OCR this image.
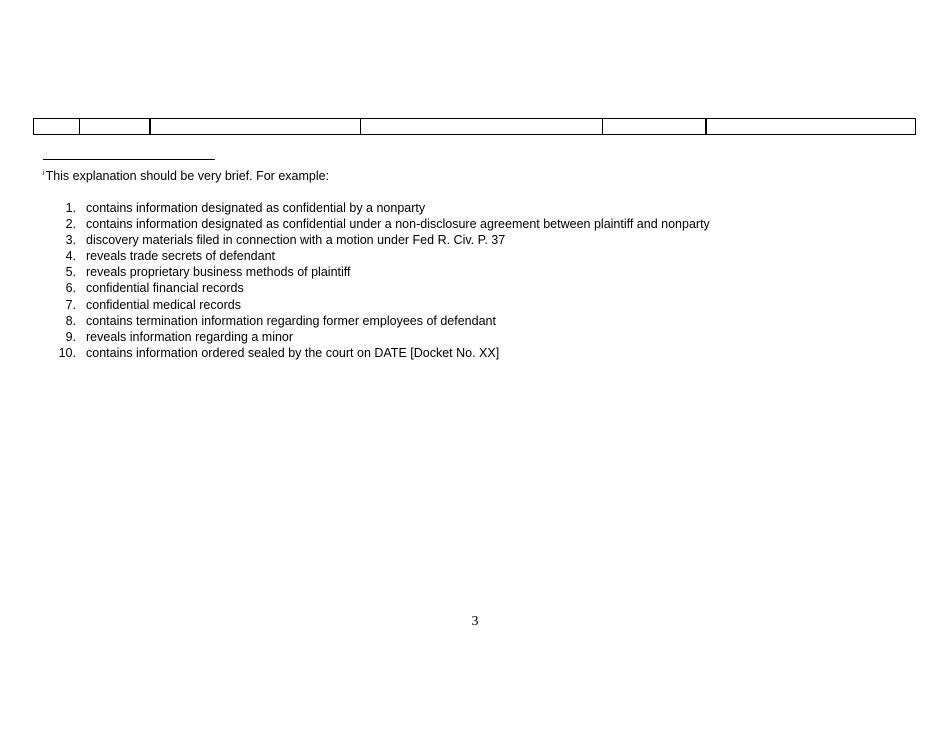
$^i$This explanation should be very brief. For example:
1. contains information designated as confidential by a nonparty
2. contains information designated as confidential under a non-disclosure agreement between plaintiff and nonparty
3. discovery materials filed in connection with a motion under Fed R. Civ. P. 37
4. reveals trade secrets of defendant
5. reveals proprietary business methods of plaintiff
6. confidential financial records
7. confidential medical records
8. contains termination information regarding former employees of defendant
9. reveals information regarding a minor
10. contains information ordered sealed by the court on DATE [Docket No. XX]
3
